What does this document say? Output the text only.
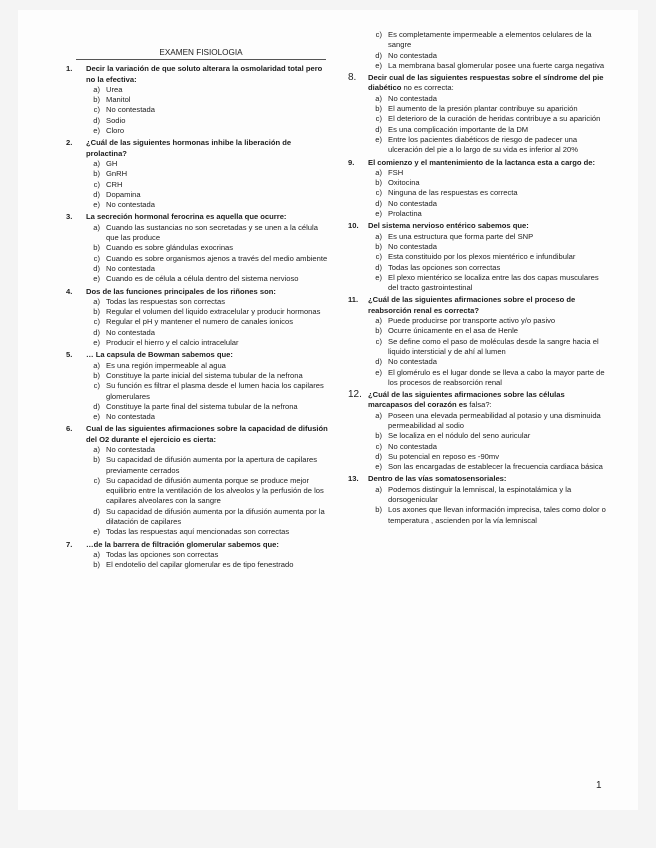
EXAMEN FISIOLOGIA
1.	Decir la variación de que soluto alterara la osmolaridad total pero no la efectiva:
a) Urea
b) Manitol
c) No contestada
d) Sodio
e) Cloro
2.	¿Cuál de las siguientes hormonas inhibe la liberación de prolactina?
a) GH
b) GnRH
c) CRH
d) Dopamina
e) No contestada
3.	La secreción hormonal ferocrina es aquella que ocurre:
a) Cuando las sustancias no son secretadas y se unen a la célula que las produce
b) Cuando es sobre glándulas exocrinas
c) Cuando es sobre organismos ajenos a través del medio ambiente
d) No contestada
e) Cuando es de célula a célula dentro del sistema nervioso
4.	Dos de las funciones principales de los riñones son:
a) Todas las respuestas son correctas
b) Regular el volumen del liquido extracelular y producir hormonas
c) Regular el pH y mantener el numero de canales ionicos
d) No contestada
e) Producir el hierro y el calcio intracelular
5.	… La capsula de Bowman sabemos que:
a) Es una región impermeable al agua
b) Constituye la parte inicial del sistema tubular de la nefrona
c) Su función es filtrar el plasma desde el lumen hacia los capilares glomerulares
d) Constituye la parte final del sistema tubular de la nefrona
e) No contestada
6.	Cual de las siguientes afirmaciones sobre la capacidad de difusión del O2 durante el ejercicio es cierta:
a) No contestada
b) Su capacidad de difusión aumenta por la apertura de capilares previamente cerrados
c) Su capacidad de difusión aumenta porque se produce mejor equilibrio entre la ventilación de los alveolos y la perfusión de los capilares alveolares con la sangre
d) Su capacidad de difusión aumenta por la difusión aumenta por la dilatación de capilares
e) Todas las respuestas aquí mencionadas son correctas
7.	…de la barrera de filtración glomerular sabemos que:
a) Todas las opciones son correctas
b) El endotelio del capilar glomerular es de tipo fenestrado
c) Es completamente impermeable a elementos celulares de la sangre
d) No contestada
e) La membrana basal glomerular posee una fuerte carga negativa
8.	Decir cual de las siguientes respuestas sobre el síndrome del pie diabético no es correcta:
a) No contestada
b) El aumento de la presión plantar contribuye su aparición
c) El deterioro de la curación de heridas contribuye a su aparición
d) Es una complicación importante de la DM
e) Entre los pacientes diabéticos de riesgo de padecer una ulceración del pie a lo largo de su vida es inferior al 20%
9.	El comienzo y el mantenimiento de la lactanca esta a cargo de:
a) FSH
b) Oxitocina
c) Ninguna de las respuestas es correcta
d) No contestada
e) Prolactina
10.	Del sistema nervioso entérico sabemos que:
a) Es una estructura que forma parte del SNP
b) No contestada
c) Esta constituido por los plexos mientérico e infundibular
d) Todas las opciones son correctas
e) El plexo mientérico se localiza entre las dos capas musculares del tracto gastrointestinal
11.	¿Cuál de las siguientes afirmaciones sobre el proceso de reabsorción renal es correcta?
a) Puede producirse por transporte activo y/o pasivo
b) Ocurre únicamente en el asa de Henle
c) Se define como el paso de moléculas desde la sangre hacia el liquido intersticial y de ahí al lumen
d) No contestada
e) El glomérulo es el lugar donde se lleva a cabo la mayor parte de los procesos de reabsorción renal
12. ¿Cuál de las siguientes afirmaciones sobre las células marcapasos del corazón es falsa?:
a) Poseen una elevada permeabilidad al potasio y una disminuida permeabilidad al sodio
b) Se localiza en el nódulo del seno auricular
c) No contestada
d) Su potencial en reposo es -90mv
e) Son las encargadas de establecer la frecuencia cardiaca básica
13.	Dentro de las vías somatosensoriales:
a) Podemos distinguir la lemniscal, la espinotalámica y la dorsogenicular
b) Los axones que llevan información imprecisa, tales como dolor o temperatura , ascienden por la vía lemniscal
1
